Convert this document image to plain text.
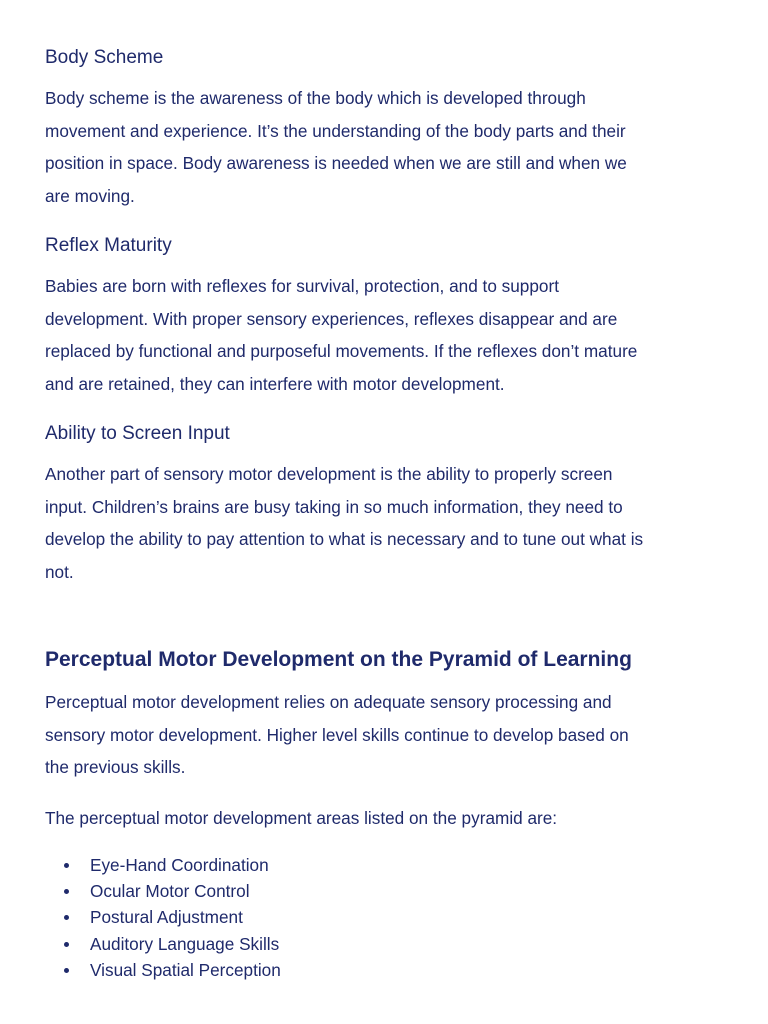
Body Scheme
Body scheme is the awareness of the body which is developed through
movement and experience. It’s the understanding of the body parts and their
position in space. Body awareness is needed when we are still and when we
are moving.
Reflex Maturity
Babies are born with reflexes for survival, protection, and to support
development. With proper sensory experiences, reflexes disappear and are
replaced by functional and purposeful movements. If the reflexes don’t mature
and are retained, they can interfere with motor development.
Ability to Screen Input
Another part of sensory motor development is the ability to properly screen
input. Children’s brains are busy taking in so much information, they need to
develop the ability to pay attention to what is necessary and to tune out what is
not.
Perceptual Motor Development on the Pyramid of Learning
Perceptual motor development relies on adequate sensory processing and
sensory motor development. Higher level skills continue to develop based on
the previous skills.
The perceptual motor development areas listed on the pyramid are:
Eye-Hand Coordination
Ocular Motor Control
Postural Adjustment
Auditory Language Skills
Visual Spatial Perception
